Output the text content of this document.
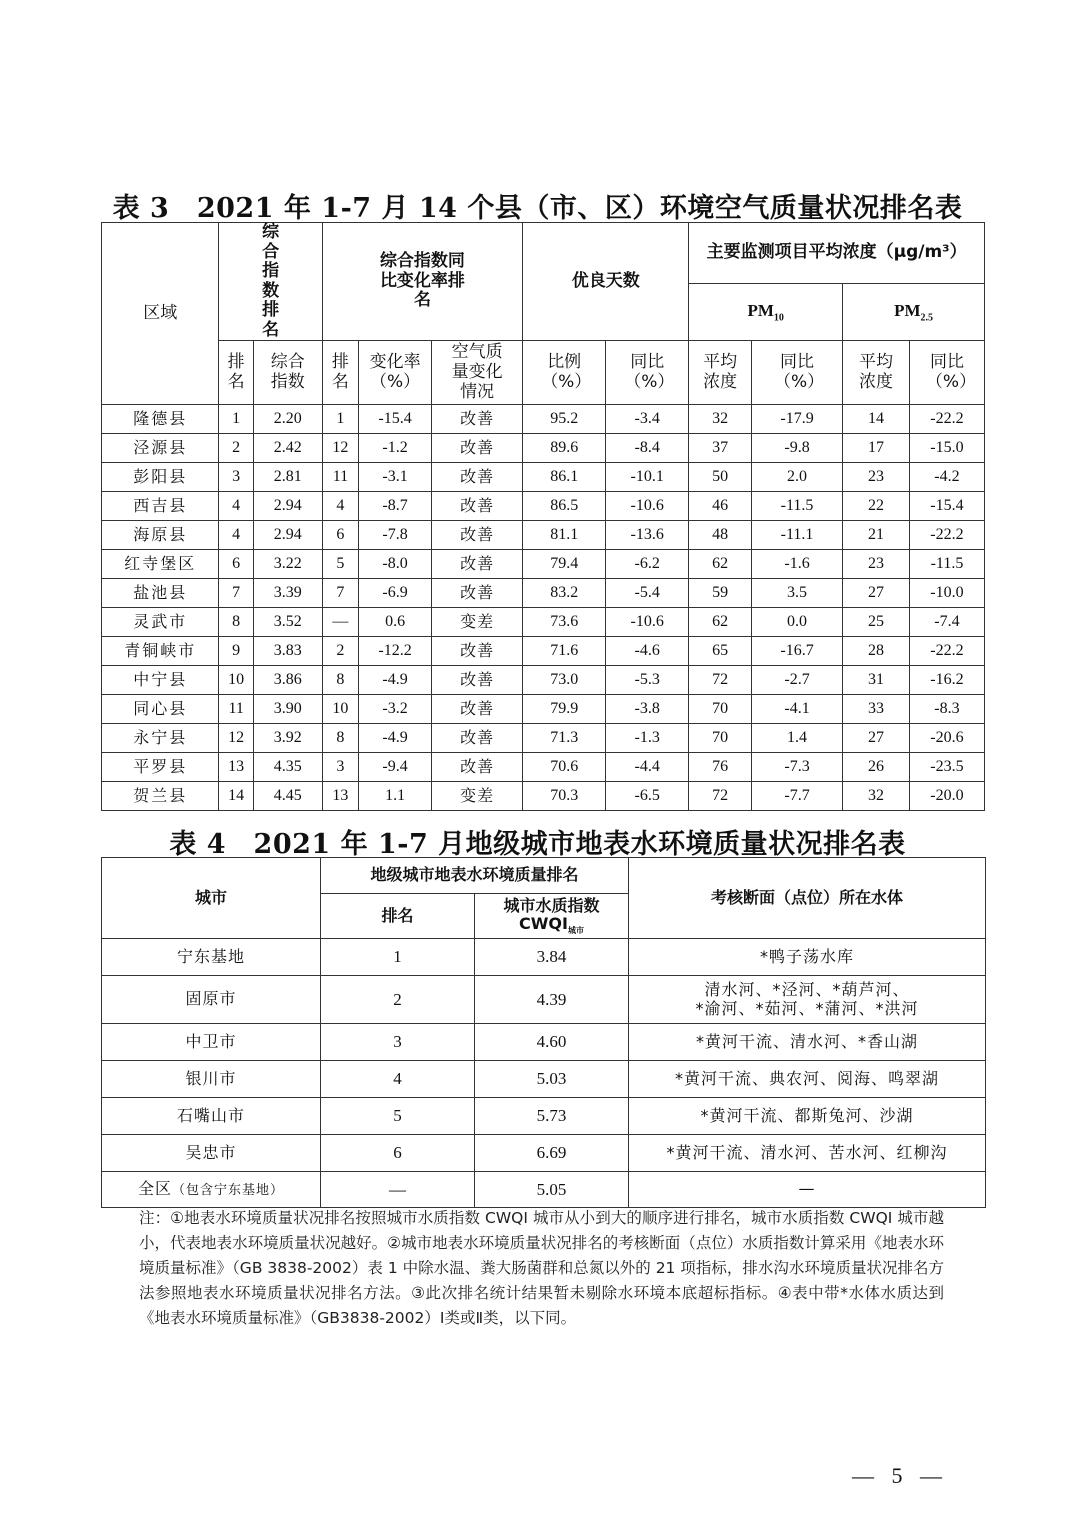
表 3　2021 年 1-7 月 14 个县（市、区）环境空气质量状况排名表
区域	综合指数排名		综合指数同比变化率排名			优良天数		主要监测项目平均浓度（μg/m³）			
								$PM_{10}$		$PM_{2.5}$
	排名	综合指数	排名	变化率（%）	空气质量变化情况	比例（%）	同比（%）	平均浓度	同比（%）	平均浓度	同比（%）
隆德县	1	2.20	1	-15.4	改善	95.2	-3.4	32	-17.9	14	-22.2
泾源县	2	2.42	12	-1.2	改善	89.6	-8.4	37	-9.8	17	-15.0
彭阳县	3	2.81	11	-3.1	改善	86.1	-10.1	50	2.0	23	-4.2
西吉县	4	2.94	4	-8.7	改善	86.5	-10.6	46	-11.5	22	-15.4
海原县	4	2.94	6	-7.8	改善	81.1	-13.6	48	-11.1	21	-22.2
红寺堡区	6	3.22	5	-8.0	改善	79.4	-6.2	62	-1.6	23	-11.5
盐池县	7	3.39	7	-6.9	改善	83.2	-5.4	59	3.5	27	-10.0
灵武市	8	3.52	—	0.6	变差	73.6	-10.6	62	0.0	25	-7.4
青铜峡市	9	3.83	2	-12.2	改善	71.6	-4.6	65	-16.7	28	-22.2
中宁县	10	3.86	8	-4.9	改善	73.0	-5.3	72	-2.7	31	-16.2
同心县	11	3.90	10	-3.2	改善	79.9	-3.8	70	-4.1	33	-8.3
永宁县	12	3.92	8	-4.9	改善	71.3	-1.3	70	1.4	27	-20.6
平罗县	13	4.35	3	-9.4	改善	70.6	-4.4	76	-7.3	26	-23.5
贺兰县	14	4.45	13	1.1	变差	70.3	-6.5	72	-7.7	32	-20.0
表 4　2021 年 1-7 月地级城市地表水环境质量状况排名表
城市	地级城市地表水环境质量排名		考核断面（点位）所在水体
	排名	城市水质指数 $CWQI_{城市}$
宁东基地	1	3.84	*鸭子荡水库
固原市	2	4.39	清水河、*泾河、*葫芦河、
*渝河、*茹河、*蒲河、*洪河
中卫市	3	4.60	*黄河干流、清水河、*香山湖
银川市	4	5.03	*黄河干流、典农河、阅海、鸣翠湖
石嘴山市	5	5.73	*黄河干流、都斯兔河、沙湖
吴忠市	6	6.69	*黄河干流、清水河、苦水河、红柳沟
全区（包含宁东基地）	—	5.05	—
注：①地表水环境质量状况排名按照城市水质指数 CWQI 城市从小到大的顺序进行排名，城市水质指数 CWQI 城市越小，代表地表水环境质量状况越好。②城市地表水环境质量状况排名的考核断面（点位）水质指数计算采用《地表水环境质量标准》（GB 3838-2002）表 1 中除水温、粪大肠菌群和总氮以外的 21 项指标，排水沟水环境质量状况排名方法参照地表水环境质量状况排名方法。③此次排名统计结果暂未剔除水环境本底超标指标。④表中带*水体水质达到《地表水环境质量标准》（GB3838-2002）Ⅰ类或Ⅱ类，以下同。
— 5 —
